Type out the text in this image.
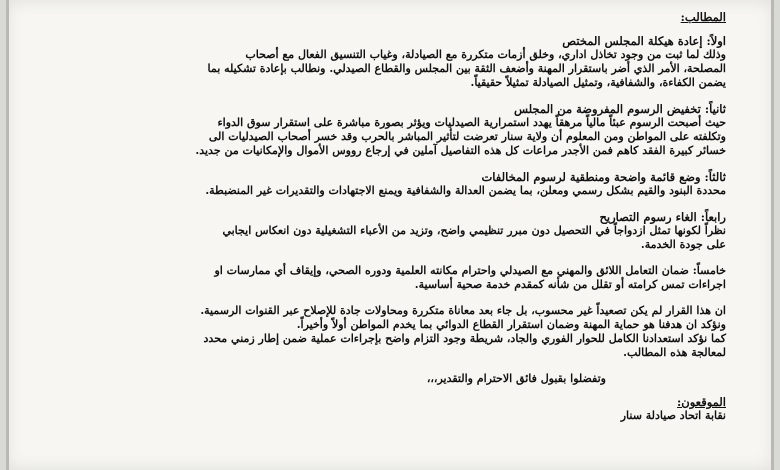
المطالب:
اولاً: إعادة هيكلة المجلس المختص
وذلك لما ثبت من وجود تخاذل اداري، وخلق أزمات متكررة مع الصيادلة، وغياب التنسيق الفعال مع أصحاب
المصلحة، الأمر الذي أضر باستقرار المهنة وأضعف الثقة بين المجلس والقطاع الصيدلي. ونطالب بإعادة تشكيله بما
يضمن الكفاءة، والشفافية، وتمثيل الصيادلة تمثيلاً حقيقياً.
ثانياً: تخفيض الرسوم المفروضة من المجلس
حيث أصبحت الرسوم عبئاً مالياً مرهقاً يهدد استمرارية الصيدليات ويؤثر بصورة مباشرة على استقرار سوق الدواء
وتكلفته على المواطن ومن المعلوم أن ولاية سنار تعرضت لتأثير المباشر بالحرب وقد خسر أصحاب الصيدليات الى
خسائر كبيرة الفقد كاهم فمن الأجدر مراعات كل هذه التفاصيل آملين في إرجاع رووس الأموال والإمكانيات من جديد.
ثالثاً: وضع قائمة واضحة ومنطقية لرسوم المخالفات
محددة البنود والقيم بشكل رسمي ومعلن، بما يضمن العدالة والشفافية ويمنع الاجتهادات والتقديرات غير المنضبطة.
رابعاً: الغاء رسوم التصاريح
نظراً لكونها تمثل ازدواجاً في التحصيل دون مبرر تنظيمي واضح، وتزيد من الأعباء التشغيلية دون انعكاس ايجابي
على جودة الخدمة.
خامساً: ضمان التعامل اللائق والمهني مع الصيدلي واحترام مكانته العلمية ودوره الصحي، وإيقاف أي ممارسات او
اجراءات تمس كرامته أو تقلل من شأنه كمقدم خدمة صحية أساسية.
ان هذا القرار لم يكن تصعيداً غير محسوب، بل جاء بعد معاناة متكررة ومحاولات جادة للإصلاح عبر القنوات الرسمية.
ونؤكد ان هدفنا هو حماية المهنة وضمان استقرار القطاع الدوائي بما يخدم المواطن أولاً وأخيراً.
كما نؤكد استعدادنا الكامل للحوار الفوري والجاد، شريطة وجود التزام واضح بإجراءات عملية ضمن إطار زمني محدد
لمعالجة هذه المطالب.
وتفضلوا بقبول فائق الاحترام والتقدير،،،
الموقعون:
نقابة اتحاد صيادلة سنار
